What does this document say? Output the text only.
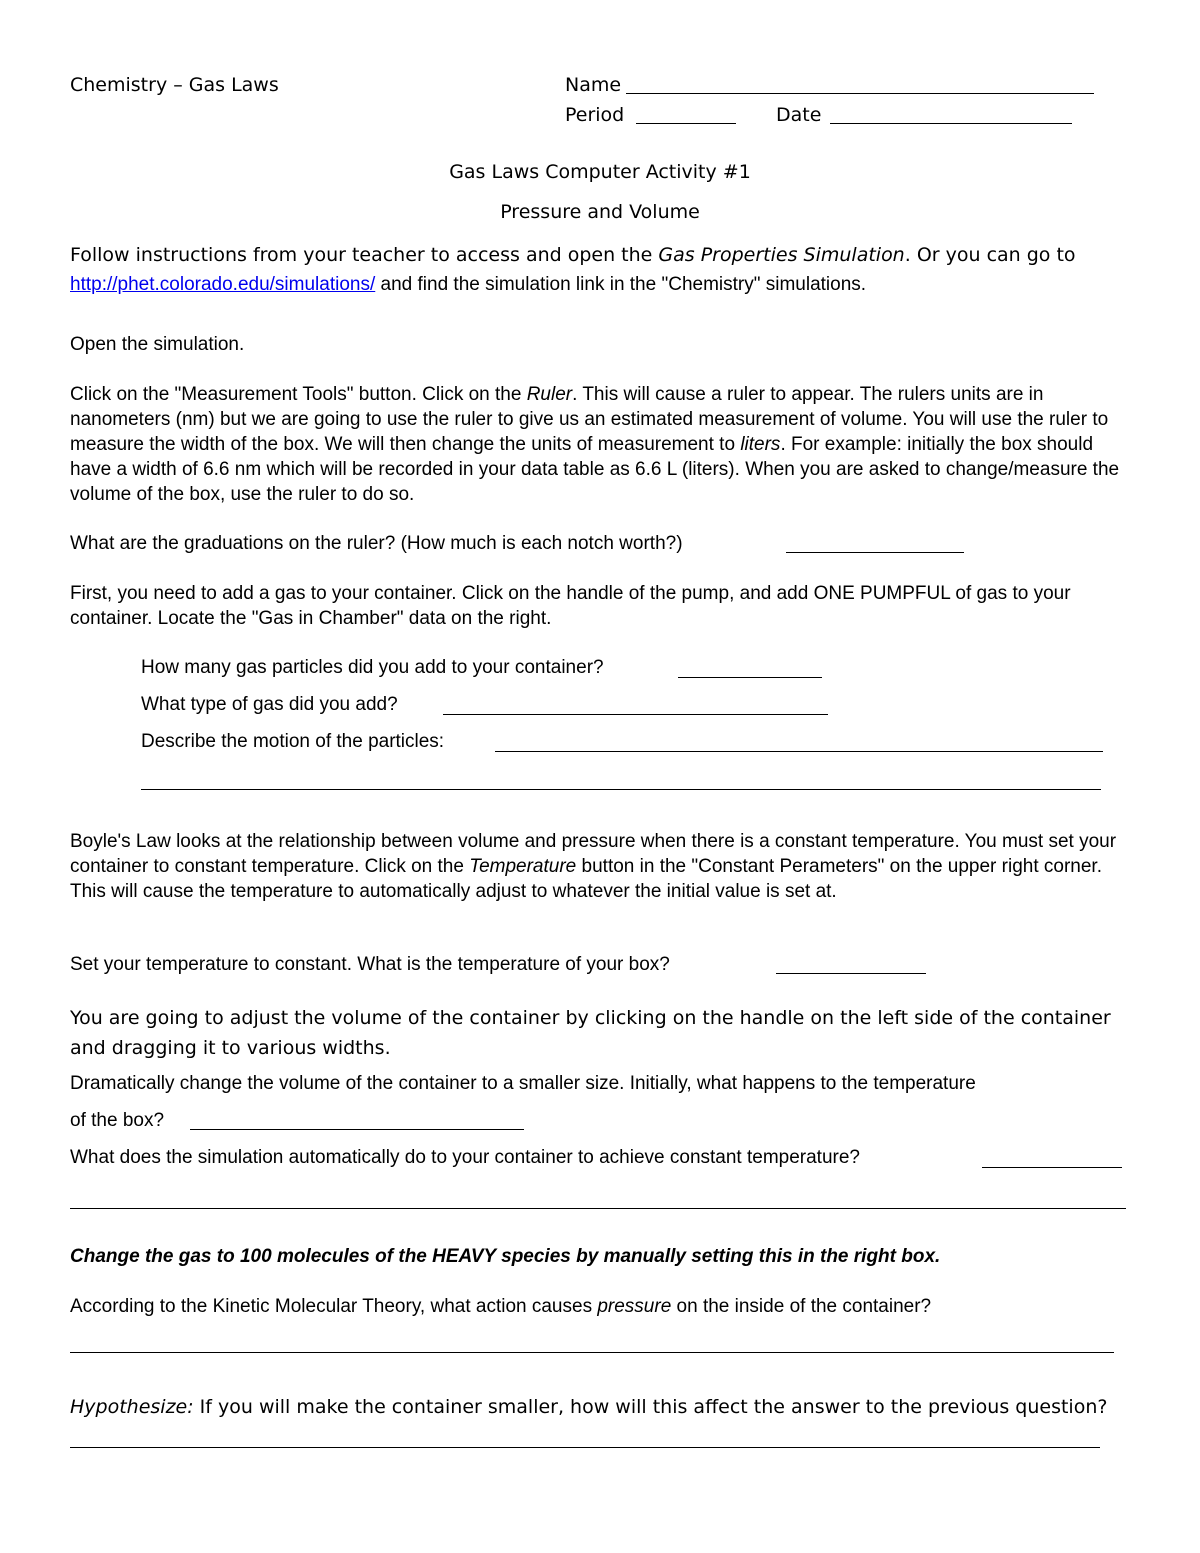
Chemistry – Gas Laws	Name
Period	Date
Gas Laws Computer Activity #1
Pressure and Volume
Follow instructions from your teacher to access and open the Gas Properties Simulation. Or you can go to
http://phet.colorado.edu/simulations/ and find the simulation link in the "Chemistry" simulations.
Open the simulation.
Click on the "Measurement Tools" button. Click on the Ruler. This will cause a ruler to appear. The rulers units are in nanometers (nm) but we are going to use the ruler to give us an estimated measurement of volume. You will use the ruler to measure the width of the box. We will then change the units of measurement to liters. For example: initially the box should have a width of 6.6 nm which will be recorded in your data table as 6.6 L (liters). When you are asked to change/measure the volume of the box, use the ruler to do so.
What are the graduations on the ruler? (How much is each notch worth?)
First, you need to add a gas to your container. Click on the handle of the pump, and add ONE PUMPFUL of gas to your container. Locate the "Gas in Chamber" data on the right.
How many gas particles did you add to your container?
What type of gas did you add?
Describe the motion of the particles:
Boyle's Law looks at the relationship between volume and pressure when there is a constant temperature. You must set your container to constant temperature. Click on the Temperature button in the "Constant Perameters" on the upper right corner. This will cause the temperature to automatically adjust to whatever the initial value is set at.
Set your temperature to constant. What is the temperature of your box?
You are going to adjust the volume of the container by clicking on the handle on the left side of the container and dragging it to various widths.
Dramatically change the volume of the container to a smaller size. Initially, what happens to the temperature
of the box?
What does the simulation automatically do to your container to achieve constant temperature?
Change the gas to 100 molecules of the HEAVY species by manually setting this in the right box.
According to the Kinetic Molecular Theory, what action causes pressure on the inside of the container?
Hypothesize: If you will make the container smaller, how will this affect the answer to the previous question?
